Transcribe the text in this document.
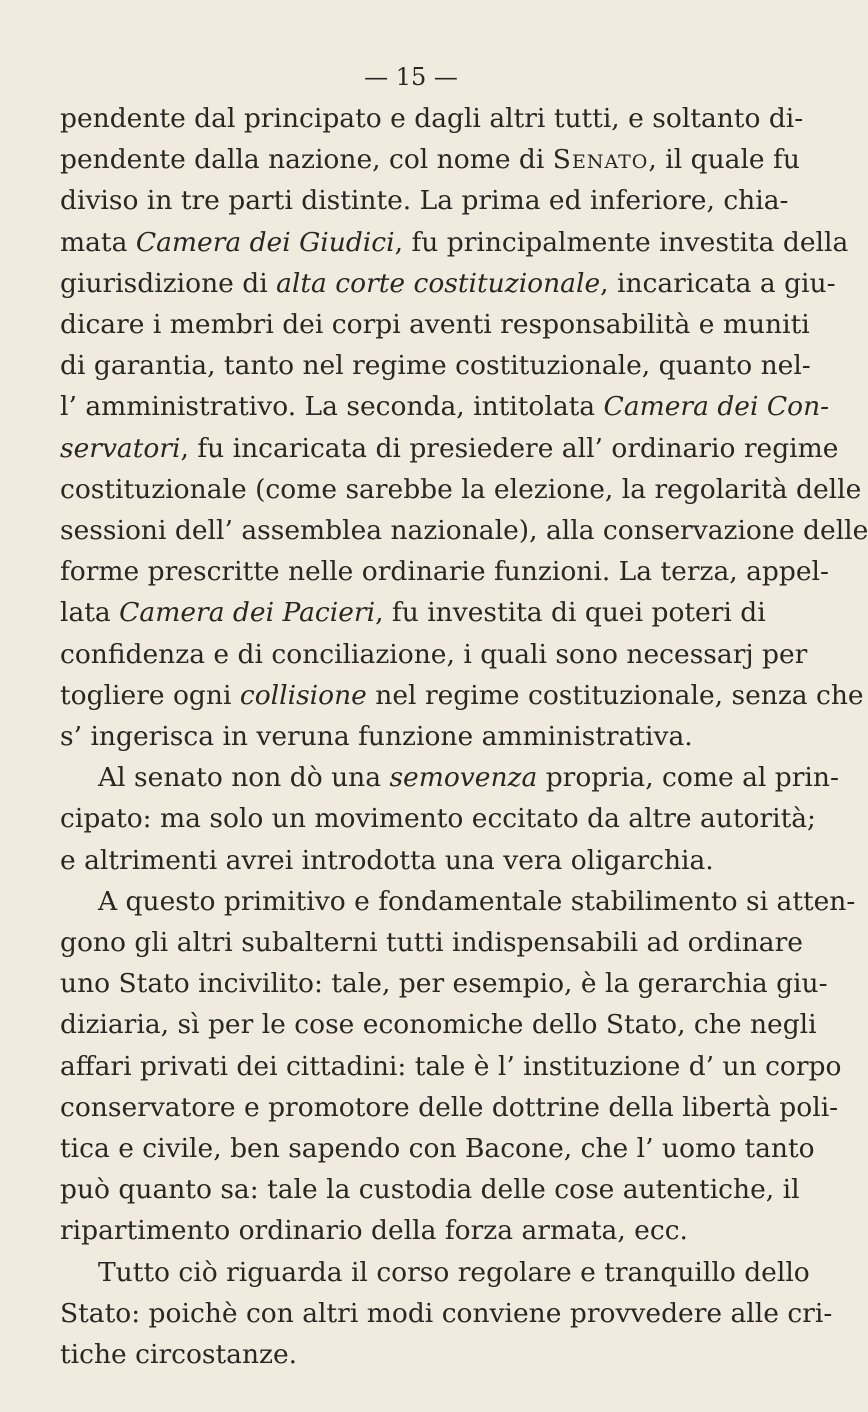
— 15 —
pendente dal principato e dagli altri tutti, e soltanto di-
pendente dalla nazione, col nome di Senato, il quale fu
diviso in tre parti distinte. La prima ed inferiore, chia-
mata Camera dei Giudici, fu principalmente investita della
giurisdizione di alta corte costituzionale, incaricata a giu-
dicare i membri dei corpi aventi responsabilità e muniti
di garantia, tanto nel regime costituzionale, quanto nel-
l’ amministrativo. La seconda, intitolata Camera dei Con-
servatori, fu incaricata di presiedere all’ ordinario regime
costituzionale (come sarebbe la elezione, la regolarità delle
sessioni dell’ assemblea nazionale), alla conservazione delle
forme prescritte nelle ordinarie funzioni. La terza, appel-
lata Camera dei Pacieri, fu investita di quei poteri di
confidenza e di conciliazione, i quali sono necessarj per
togliere ogni collisione nel regime costituzionale, senza che
s’ ingerisca in veruna funzione amministrativa.
Al senato non dò una semovenza propria, come al prin-
cipato: ma solo un movimento eccitato da altre autorità;
e altrimenti avrei introdotta una vera oligarchia.
A questo primitivo e fondamentale stabilimento si atten-
gono gli altri subalterni tutti indispensabili ad ordinare
uno Stato incivilito: tale, per esempio, è la gerarchia giu-
diziaria, sì per le cose economiche dello Stato, che negli
affari privati dei cittadini: tale è l’ instituzione d’ un corpo
conservatore e promotore delle dottrine della libertà poli-
tica e civile, ben sapendo con Bacone, che l’ uomo tanto
può quanto sa: tale la custodia delle cose autentiche, il
ripartimento ordinario della forza armata, ecc.
Tutto ciò riguarda il corso regolare e tranquillo dello
Stato: poichè con altri modi conviene provvedere alle cri-
tiche circostanze.
